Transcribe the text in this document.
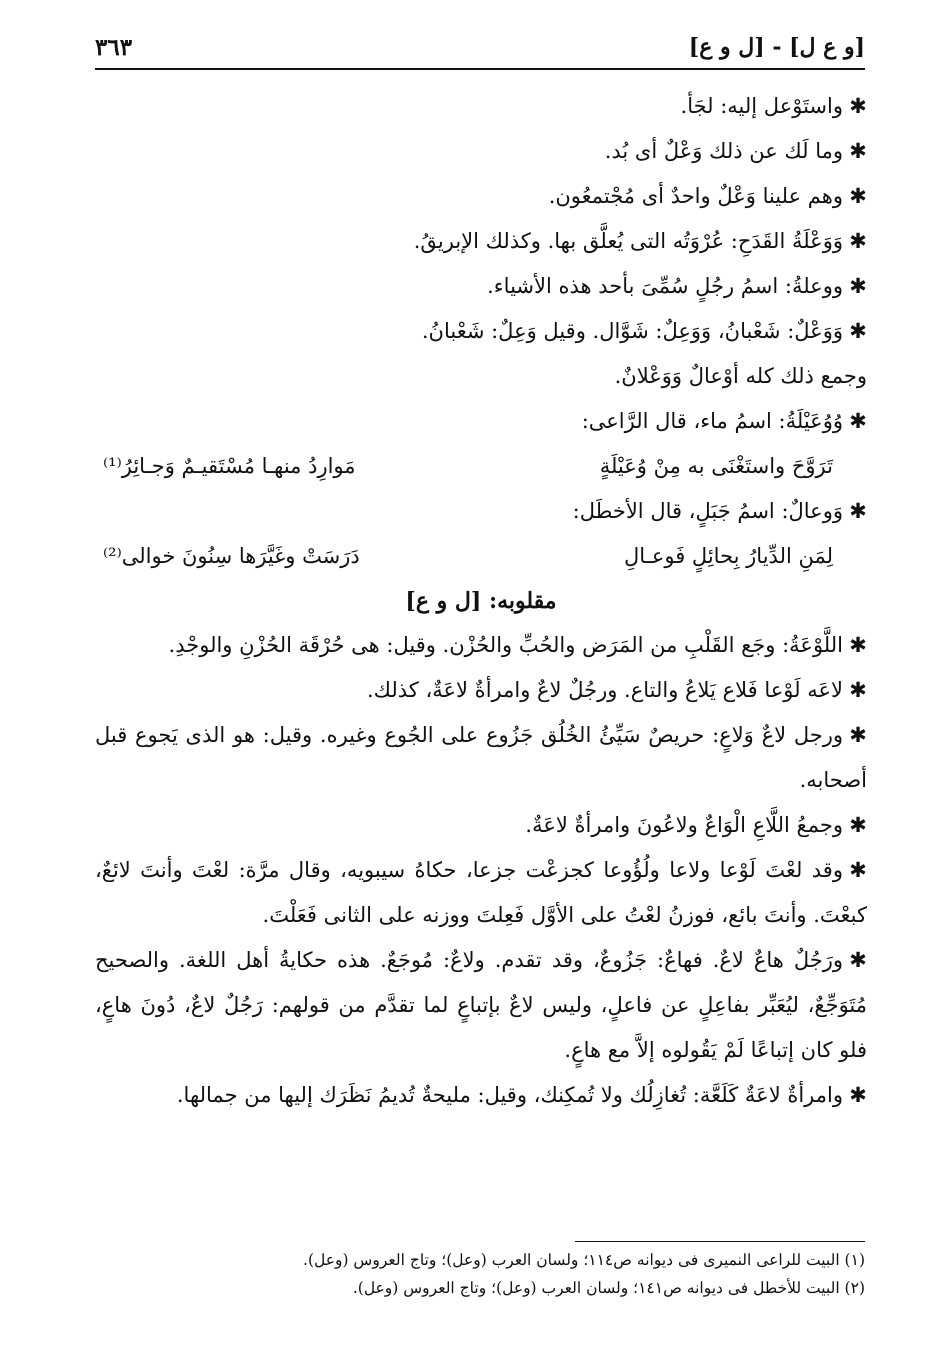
[و ع ل] - [ل و ع]
٣٦٣

✱واستَوْعل إليه: لجَأ.

✱وما لَك عن ذلك وَعْلٌ أى بُد.

✱وهم علينا وَعْلٌ واحدٌ أى مُجْتمعُون.

✱وَوَعْلَةُ القَدَحِ: عُرْوَتُه التى يُعلَّق بها. وكذلك الإبريقُ.

✱ووعلةُ: اسمُ رجُلٍ سُمِّىَ بأحد هذه الأشياء.

✱وَوَعْلٌ: شَعْبانُ، وَوَعِلٌ: شَوَّال. وقيل وَعِلٌ: شَعْبانُ.

وجمع ذلك كله أوْعالٌ وَوَعْلانٌ.

✱وُوُعَيْلَةُ: اسمُ ماء، قال الرَّاعى:

تَرَوَّحَ واستَغْنَى به مِنْ وُعَيْلَةٍ
مَوارِدُ منهـا مُسْتَقيـمٌ وَجـائِرُ⁽¹⁾

✱وَوعالٌ: اسمُ جَبَلٍ، قال الأخطَل:

لِمَنِ الدِّيارُ بِحائِلٍ فَوعـالِ
دَرَسَتْ وغَيَّرَها سِنُونَ خوالى⁽²⁾
مقلوبه: [ل و ع]

✱اللَّوْعَةُ: وجَع القَلْبِ من المَرَض والحُبِّ والحُزْن. وقيل: هى حُرْقَة الحُزْنِ والوجْدِ.

✱لاعَه لَوْعا فَلاع يَلاعُ والتاع. ورجُلٌ لاعٌ وامرأةٌ لاعَةٌ، كذلك.

✱ورجل لاعٌ وَلاعٍ: حريصٌ سَيِّئُ الخُلُق جَزُوع على الجُوع وغيره. وقيل: هو الذى يَجوع قبل أصحابه.

✱وجمعُ اللَّاعِ الْوَاعٌ ولاعُونَ وامرأةٌ لاعَةٌ.

✱وقد لعْتَ لَوْعا ولاعا ولُؤُوعا كجزعْت جزعا، حكاهُ سيبويه، وقال مرَّة: لعْتَ وأنتَ لائعٌ، كبعْتَ. وأنتَ بائع، فوزنُ لعْتُ على الأوَّل فَعِلتَ ووزنه على الثانى فَعَلْتَ.

✱ورَجُلٌ هاعٌ لاعٌ. فهاعٌ: جَزُوعٌ، وقد تقدم. ولاعٌ: مُوجَعٌ. هذه حكايةُ أهل اللغة. والصحيح مُتَوَجِّعٌ، ليُعَبِّر بفاعِلٍ عن فاعلٍ، وليس لاعٌ بإتباعٍ لما تقدَّم من قولهم: رَجُلٌ لاعٌ، دُونَ هاعٍ، فلو كان إتباعًا لَمْ يَقُولوه إلاَّ مع هاعٍ.

✱وامرأةٌ لاعَةٌ كَلَعَّة: تُغازِلُك ولا تُمكِنك، وقيل: مليحةٌ تُديمُ نَظَرَك إليها من جمالها.

(١) البيت للراعى النميرى فى ديوانه ص١١٤؛ ولسان العرب (وعل)؛ وتاج العروس (وعل).

(٢) البيت للأخطل فى ديوانه ص١٤١؛ ولسان العرب (وعل)؛ وتاج العروس (وعل).
